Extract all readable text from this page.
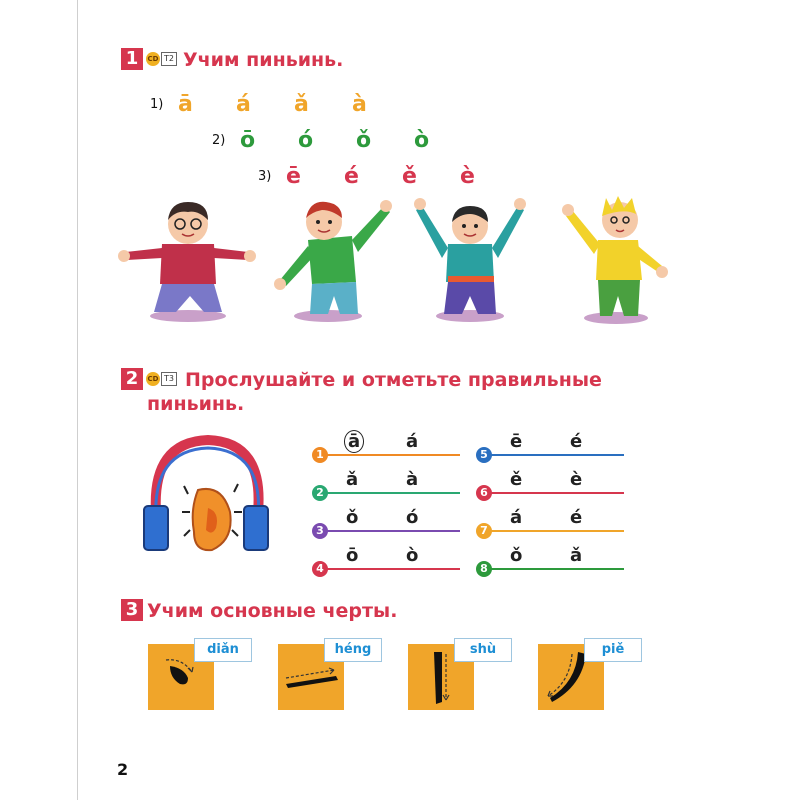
1	CD T2 Учим пиньинь.
1) ā	á	ǎ	à
2) ō	ó	ǒ	ò
3) ē	é	ě	è
2	CD T3 Прослушайте и отметьте правильные
пиньинь.
1
ā	á
2
ǎ	à
3
ǒ	ó
4
ō	ò
5
ē	é
6
ě	è
7
á	é
8
ǒ	ǎ
3 Учим основные черты.
diǎn	héng	shù	piě
2
